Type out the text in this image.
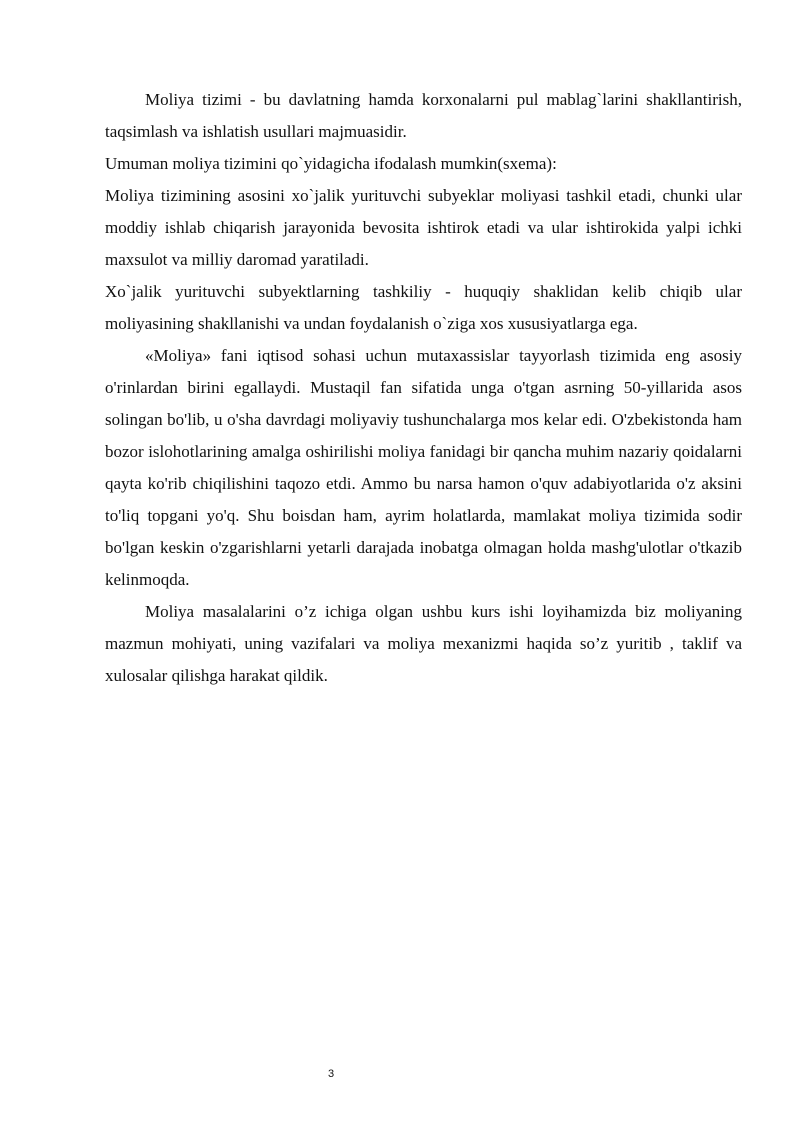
Moliya tizimi - bu davlatning hamda korxonalarni pul mablag`larini shakllantirish, taqsimlash va ishlatish usullari majmuasidir.

Umuman moliya tizimini qo`yidagicha ifodalash mumkin(sxema):

Moliya tizimining asosini xo`jalik yurituvchi subyeklar moliyasi tashkil etadi, chunki ular moddiy ishlab chiqarish jarayonida bevosita ishtirok etadi va ular ishtirokida yalpi ichki maxsulot va milliy daromad yaratiladi.

Xo`jalik yurituvchi subyektlarning tashkiliy - huquqiy shaklidan kelib chiqib ular moliyasining shakllanishi va undan foydalanish o`ziga xos xususiyatlarga ega.

«Moliya» fani iqtisod sohasi uchun mutaxassislar tayyorlash tizimida eng asosiy o'rinlardan birini egallaydi. Mustaqil fan sifatida unga o'tgan asrning 50-yillarida asos solingan bo'lib, u o'sha davrdagi moliyaviy tushunchalarga mos kelar edi. O'zbekistonda ham bozor islohotlarining amalga oshirilishi moliya fanidagi bir qancha muhim nazariy qoidalarni qayta ko'rib chiqilishini taqozo etdi. Ammo bu narsa hamon o'quv adabiyotlarida o'z aksini to'liq topgani yo'q. Shu boisdan ham, ayrim holatlarda, mamlakat moliya tizimida sodir bo'lgan keskin o'zgarishlarni yetarli darajada inobatga olmagan holda mashg'ulotlar o'tkazib kelinmoqda.

Moliya masalalarini o’z ichiga olgan ushbu kurs ishi loyihamizda biz moliyaning mazmun mohiyati, uning vazifalari va moliya mexanizmi haqida so’z yuritib , taklif va xulosalar qilishga harakat qildik.

3
